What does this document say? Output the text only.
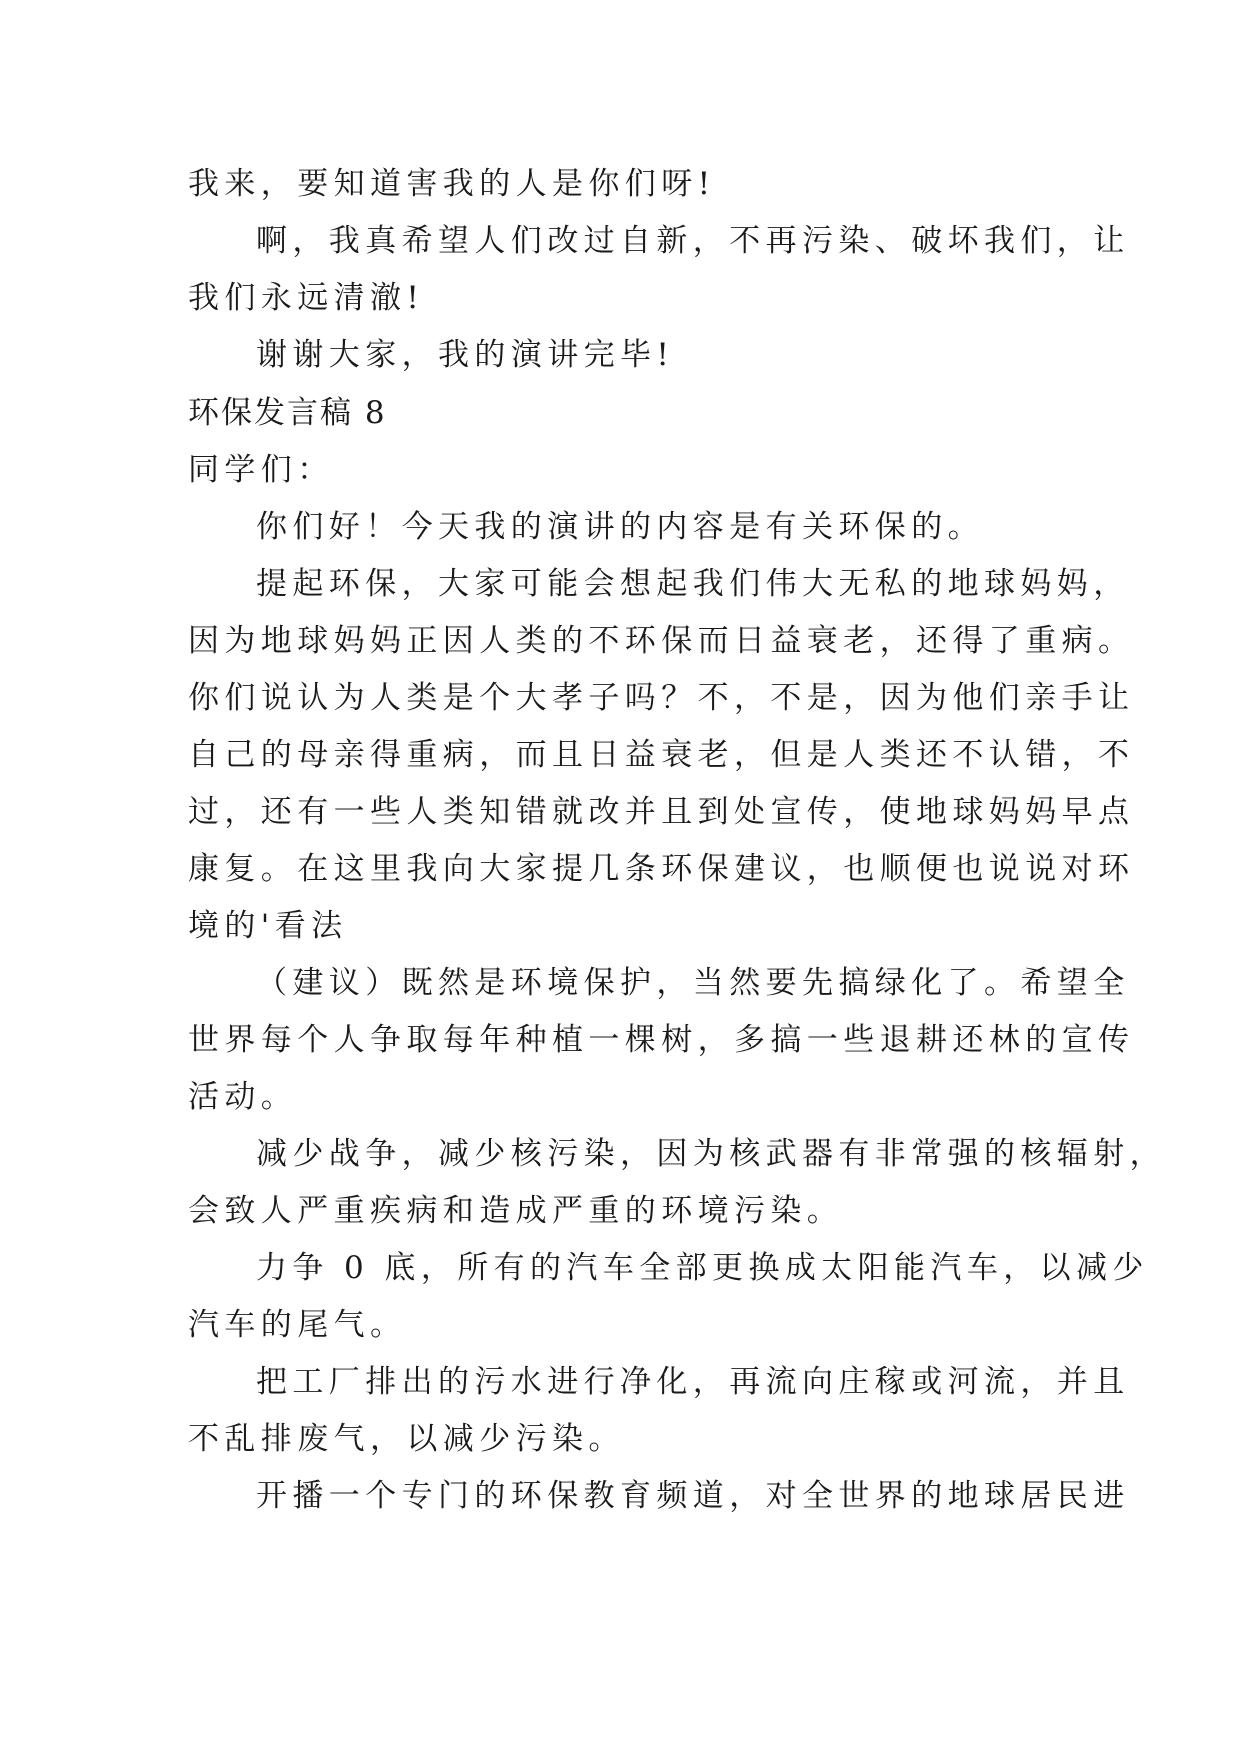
我来，要知道害我的人是你们呀!
啊，我真希望人们改过自新，不再污染、破坏我们，让
我们永远清澈!
谢谢大家，我的演讲完毕!
环保发言稿 8
同学们：
你们好！今天我的演讲的内容是有关环保的。
提起环保，大家可能会想起我们伟大无私的地球妈妈，
因为地球妈妈正因人类的不环保而日益衰老，还得了重病。
你们说认为人类是个大孝子吗？不，不是，因为他们亲手让
自己的母亲得重病，而且日益衰老，但是人类还不认错，不
过，还有一些人类知错就改并且到处宣传，使地球妈妈早点
康复。在这里我向大家提几条环保建议，也顺便也说说对环
境的'看法
（建议）既然是环境保护，当然要先搞绿化了。希望全
世界每个人争取每年种植一棵树，多搞一些退耕还林的宣传
活动。
减少战争，减少核污染，因为核武器有非常强的核辐射，
会致人严重疾病和造成严重的环境污染。
力争 0 底，所有的汽车全部更换成太阳能汽车，以减少
汽车的尾气。
把工厂排出的污水进行净化，再流向庄稼或河流，并且
不乱排废气，以减少污染。
开播一个专门的环保教育频道，对全世界的地球居民进
